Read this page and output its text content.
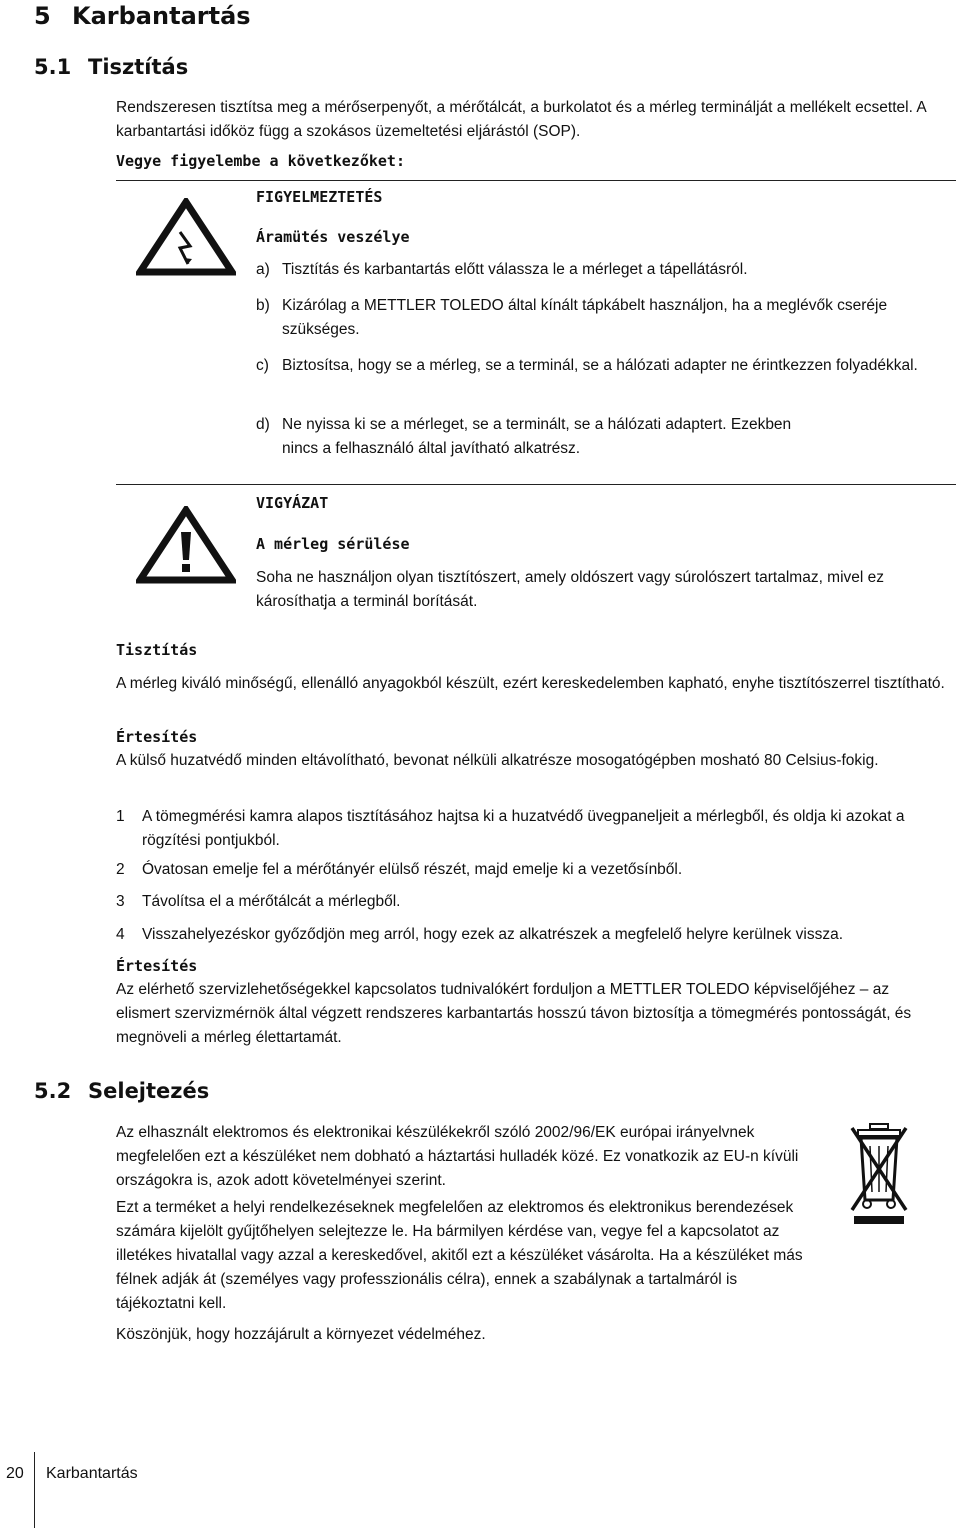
5 Karbantartás
5.1 Tisztítás
Rendszeresen tisztítsa meg a mérőserpenyőt, a mérőtálcát, a burkolatot és a mérleg terminálját a mellékelt ecsettel. A karbantartási időköz függ a szokásos üzemeltetési eljárástól (SOP).
Vegye figyelembe a következőket:
FIGYELMEZTETÉS
Áramütés veszélye
a) Tisztítás és karbantartás előtt válassza le a mérleget a tápellátásról.
b) Kizárólag a METTLER TOLEDO által kínált tápkábelt használjon, ha a meglévők cseréje szükséges.
c) Biztosítsa, hogy se a mérleg, se a terminál, se a hálózati adapter ne érintkezzen folyadékkal.
d) Ne nyissa ki se a mérleget, se a terminált, se a hálózati adaptert. Ezekben nincs a felhasználó által javítható alkatrész.
VIGYÁZAT
A mérleg sérülése
Soha ne használjon olyan tisztítószert, amely oldószert vagy súrolószert tartalmaz, mivel ez károsíthatja a terminál borítását.
Tisztítás
A mérleg kiváló minőségű, ellenálló anyagokból készült, ezért kereskedelemben kapható, enyhe tisztítószerrel tisztítható.
Értesítés
A külső huzatvédő minden eltávolítható, bevonat nélküli alkatrésze mosogatógépben mosható 80 Celsius-fokig.
1 A tömegmérési kamra alapos tisztításához hajtsa ki a huzatvédő üvegpaneljeit a mérlegből, és oldja ki azokat a rögzítési pontjukból.
2 Óvatosan emelje fel a mérőtányér elülső részét, majd emelje ki a vezetősínből.
3 Távolítsa el a mérőtálcát a mérlegből.
4 Visszahelyezéskor győződjön meg arról, hogy ezek az alkatrészek a megfelelő helyre kerülnek vissza.
Értesítés
Az elérhető szervizlehetőségekkel kapcsolatos tudnivalókért forduljon a METTLER TOLEDO képviselőjéhez – az elismert szervizmérnök által végzett rendszeres karbantartás hosszú távon biztosítja a tömegmérés pontosságát, és megnöveli a mérleg élettartamát.
5.2 Selejtezés
Az elhasznált elektromos és elektronikai készülékekről szóló 2002/96/EK európai irányelvnek megfelelően ezt a készüléket nem dobható a háztartási hulladék közé. Ez vonatkozik az EU-n kívüli országokra is, azok adott követelményei szerint.
Ezt a terméket a helyi rendelkezéseknek megfelelően az elektromos és elektronikus berendezések számára kijelölt gyűjtőhelyen selejtezze le. Ha bármilyen kérdése van, vegye fel a kapcsolatot az illetékes hivatallal vagy azzal a kereskedővel, akitől ezt a készüléket vásárolta. Ha a készüléket más félnek adják át (személyes vagy professzionális célra), ennek a szabálynak a tartalmáról is tájékoztatni kell.
Köszönjük, hogy hozzájárult a környezet védelméhez.
20 Karbantartás
